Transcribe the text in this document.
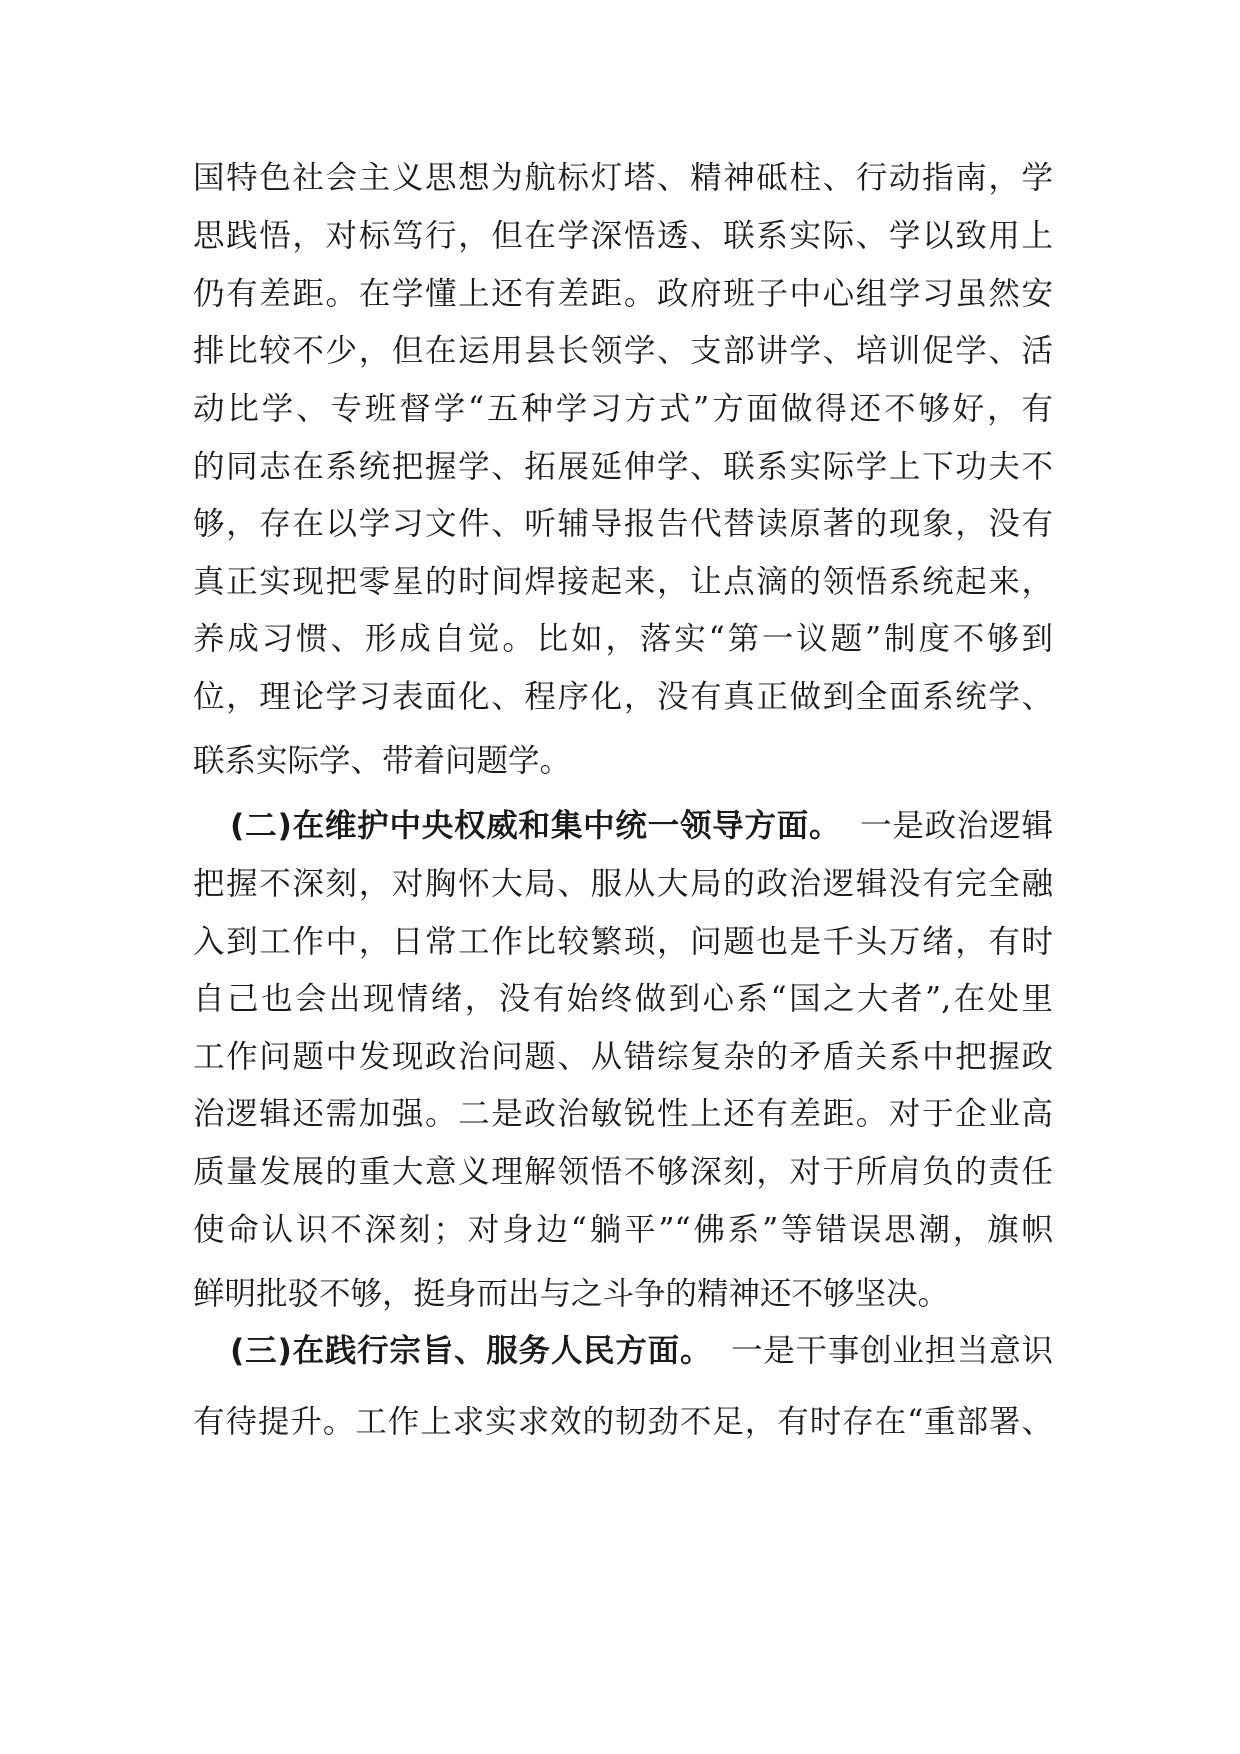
国特色社会主义思想为航标灯塔、精神砥柱、行动指南，学
思践悟，对标笃行，但在学深悟透、联系实际、学以致用上
仍有差距。在学懂上还有差距。政府班子中心组学习虽然安
排比较不少，但在运用县长领学、支部讲学、培训促学、活
动比学、专班督学“五种学习方式”方面做得还不够好，有
的同志在系统把握学、拓展延伸学、联系实际学上下功夫不
够，存在以学习文件、听辅导报告代替读原著的现象，没有
真正实现把零星的时间焊接起来，让点滴的领悟系统起来，
养成习惯、形成自觉。比如，落实“第一议题”制度不够到
位，理论学习表面化、程序化，没有真正做到全面系统学、
联系实际学、带着问题学。
(二)在维护中央权威和集中统一领导方面。 一是政治逻辑
把握不深刻，对胸怀大局、服从大局的政治逻辑没有完全融
入到工作中，日常工作比较繁琐，问题也是千头万绪，有时
自己也会出现情绪，没有始终做到心系“国之大者”,在处里
工作问题中发现政治问题、从错综复杂的矛盾关系中把握政
治逻辑还需加强。二是政治敏锐性上还有差距。对于企业高
质量发展的重大意义理解领悟不够深刻，对于所肩负的责任
使命认识不深刻；对身边“躺平”“佛系”等错误思潮，旗帜
鲜明批驳不够，挺身而出与之斗争的精神还不够坚决。
(三)在践行宗旨、服务人民方面。 一是干事创业担当意识
有待提升。工作上求实求效的韧劲不足，有时存在“重部署、
